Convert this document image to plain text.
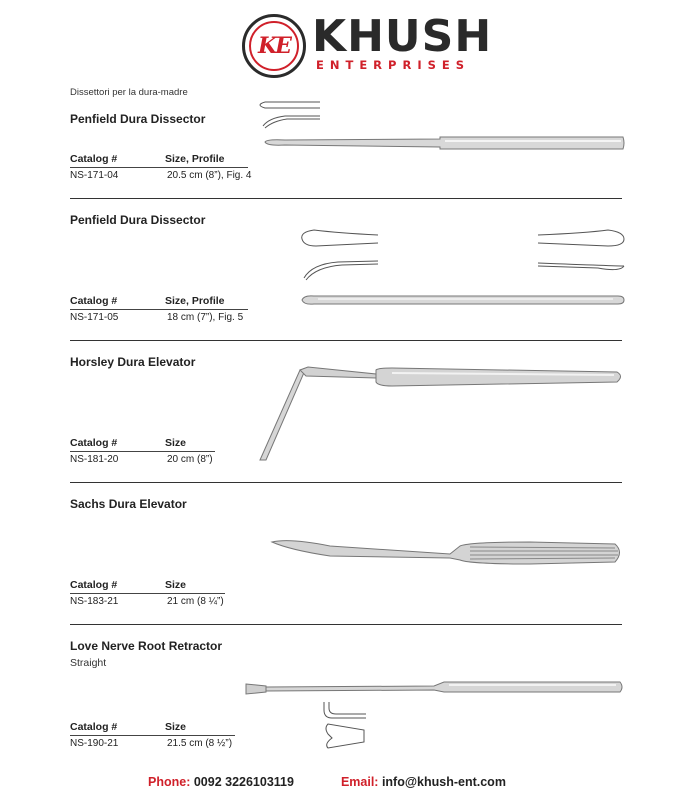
KE KHUSH
ENTERPRISES
Dissettori per la dura-madre
Penfield Dura Dissector
Catalog #	Size, Profile
NS-171-04	20.5 cm (8”), Fig. 4
Penfield Dura Dissector
Catalog #	Size, Profile
NS-171-05	18 cm (7”), Fig. 5
Horsley Dura Elevator
Catalog #	Size
NS-181-20	20 cm (8”)
Sachs Dura Elevator
Catalog #	Size
NS-183-21	21 cm (8 ¼”)
Love Nerve Root Retractor
Straight
Catalog #	Size
NS-190-21	21.5 cm (8 ½”)
Phone: 0092 3226103119	Email: info@khush-ent.com
